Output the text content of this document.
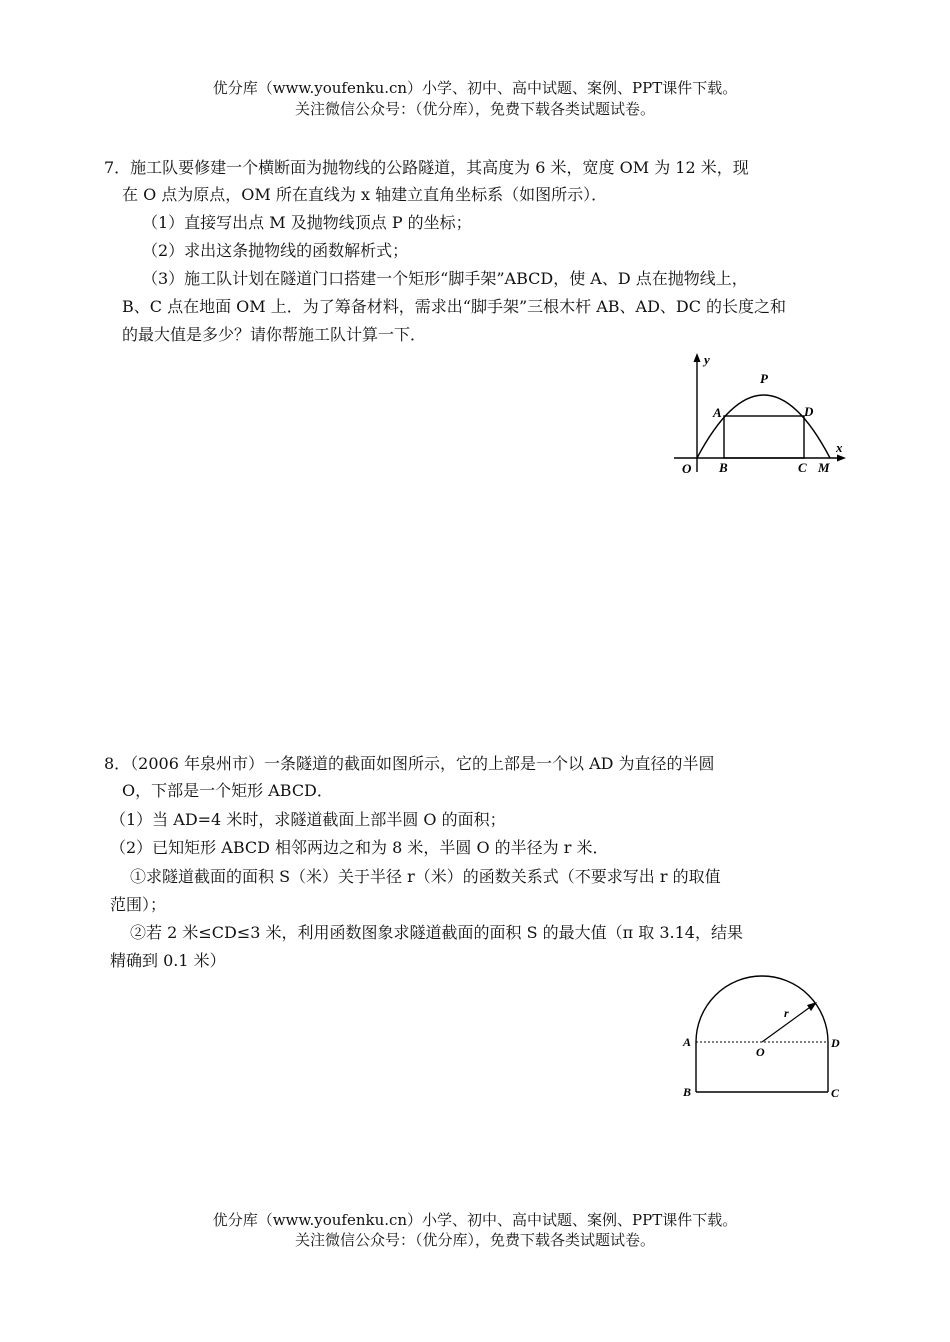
优分库（www.youfenku.cn）小学、初中、高中试题、案例、PPT课件下载。
关注微信公众号：（优分库），免费下载各类试题试卷。
7．施工队要修建一个横断面为抛物线的公路隧道，其高度为 6 米，宽度 OM 为 12 米，现
在 O 点为原点，OM 所在直线为 x 轴建立直角坐标系（如图所示）．
（1）直接写出点 M 及抛物线顶点 P 的坐标；
（2）求出这条抛物线的函数解析式；
（3）施工队计划在隧道门口搭建一个矩形“脚手架”ABCD，使 A、D 点在抛物线上，
B、C 点在地面 OM 上．为了筹备材料，需求出“脚手架”三根木杆 AB、AD、DC 的长度之和
的最大值是多少？请你帮施工队计算一下．
y
x
P
A	D
O B	C M
8．（2006 年泉州市）一条隧道的截面如图所示，它的上部是一个以 AD 为直径的半圆
O，下部是一个矩形 ABCD．
（1）当 AD=4 米时，求隧道截面上部半圆 O 的面积；
（2）已知矩形 ABCD 相邻两边之和为 8 米，半圆 O 的半径为 r 米．
①求隧道截面的面积 S（米）关于半径 r（米）的函数关系式（不要求写出 r 的取值
范围）；
②若 2 米≤CD≤3 米，利用函数图象求隧道截面的面积 S 的最大值（π 取 3.14，结果
精确到 0.1 米）
r
A
O
D
B	C
优分库（www.youfenku.cn）小学、初中、高中试题、案例、PPT课件下载。
关注微信公众号：（优分库），免费下载各类试题试卷。
